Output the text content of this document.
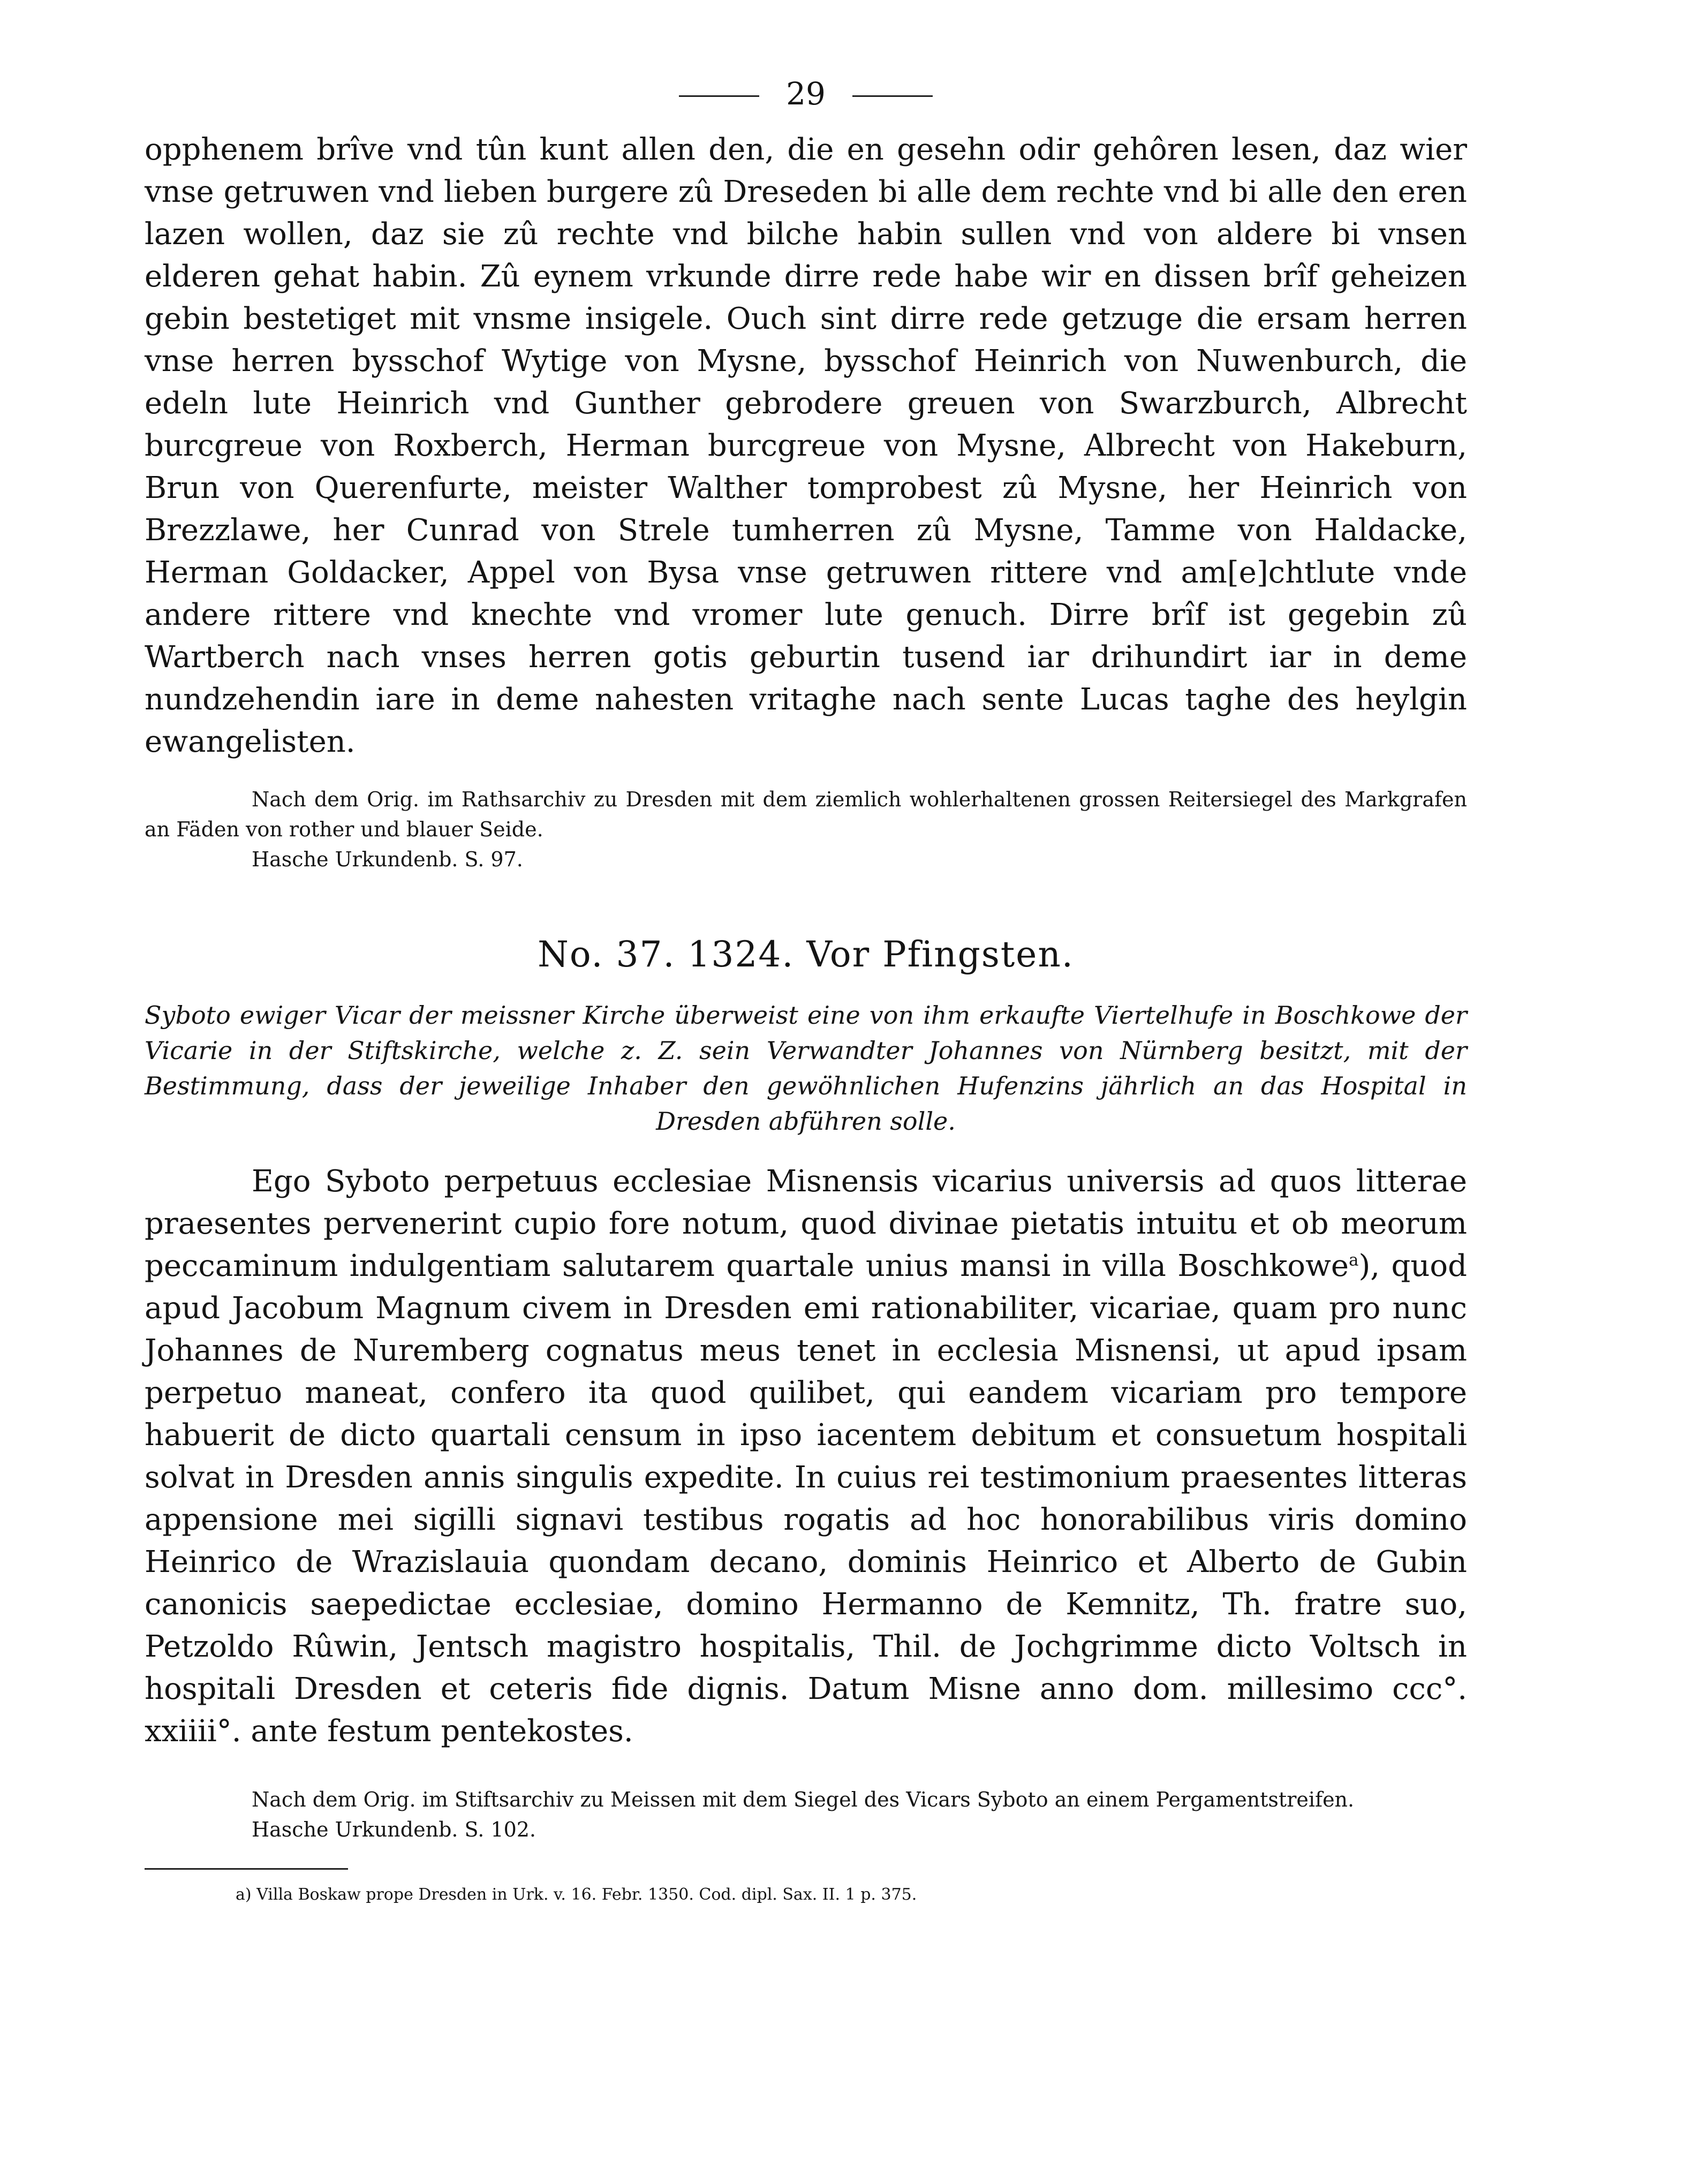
29

opphenem brîve vnd tûn kunt allen den, die en gesehn odir gehôren lesen, daz wier vnse getruwen vnd lieben burgere zû Dreseden bi alle dem rechte vnd bi alle den eren lazen wollen, daz sie zû rechte vnd bilche habin sullen vnd von aldere bi vnsen elderen gehat habin. Zû eynem vrkunde dirre rede habe wir en dissen brîf geheizen gebin bestetiget mit vnsme insigele. Ouch sint dirre rede getzuge die ersam herren vnse herren bysschof Wytige von Mysne, bysschof Heinrich von Nuwenburch, die edeln lute Heinrich vnd Gunther gebrodere greuen von Swarzburch, Albrecht burcgreue von Roxberch, Herman burcgreue von Mysne, Albrecht von Hakeburn, Brun von Querenfurte, meister Walther tomprobest zû Mysne, her Heinrich von Brezzlawe, her Cunrad von Strele tumherren zû Mysne, Tamme von Haldacke, Herman Goldacker, Appel von Bysa vnse getruwen rittere vnd am[e]chtlute vnde andere rittere vnd knechte vnd vromer lute genuch. Dirre brîf ist gegebin zû Wartberch nach vnses herren gotis geburtin tusend iar drihundirt iar in deme nundzehendin iare in deme nahesten vritaghe nach sente Lucas taghe des heylgin ewangelisten.

Nach dem Orig. im Rathsarchiv zu Dresden mit dem ziemlich wohlerhaltenen grossen Reitersiegel des Markgrafen an Fäden von rother und blauer Seide.

Hasche Urkundenb. S. 97.

No. 37. 1324. Vor Pfingsten.

Syboto ewiger Vicar der meissner Kirche überweist eine von ihm erkaufte Viertelhufe in Boschkowe der Vicarie in der Stiftskirche, welche z. Z. sein Verwandter Johannes von Nürnberg besitzt, mit der Bestimmung, dass der jeweilige Inhaber den gewöhnlichen Hufenzins jährlich an das Hospital in Dresden abführen solle.

Ego Syboto perpetuus ecclesiae Misnensis vicarius universis ad quos litterae praesentes pervenerint cupio fore notum, quod divinae pietatis intuitu et ob meorum peccaminum indulgentiam salutarem quartale unius mansi in villa Boschkowe$^a$), quod apud Jacobum Magnum civem in Dresden emi rationabiliter, vicariae, quam pro nunc Johannes de Nuremberg cognatus meus tenet in ecclesia Misnensi, ut apud ipsam perpetuo maneat, confero ita quod quilibet, qui eandem vicariam pro tempore habuerit de dicto quartali censum in ipso iacentem debitum et consuetum hospitali solvat in Dresden annis singulis expedite. In cuius rei testimonium praesentes litteras appensione mei sigilli signavi testibus rogatis ad hoc honorabilibus viris domino Heinrico de Wrazislauia quondam decano, dominis Heinrico et Alberto de Gubin canonicis saepedictae ecclesiae, domino Hermanno de Kemnitz, Th. fratre suo, Petzoldo Rûwin, Jentsch magistro hospitalis, Thil. de Jochgrimme dicto Voltsch in hospitali Dresden et ceteris fide dignis. Datum Misne anno dom. millesimo ccc°. xxiiii°. ante festum pentekostes.

Nach dem Orig. im Stiftsarchiv zu Meissen mit dem Siegel des Vicars Syboto an einem Pergamentstreifen.

Hasche Urkundenb. S. 102.

a) Villa Boskaw prope Dresden in Urk. v. 16. Febr. 1350. Cod. dipl. Sax. II. 1 p. 375.
